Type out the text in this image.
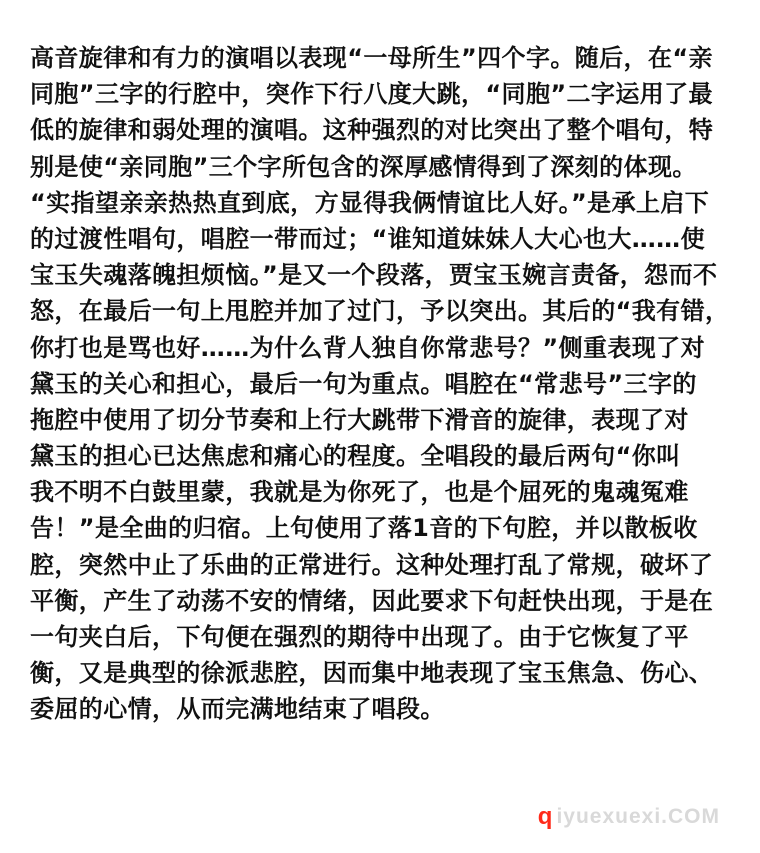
高音旋律和有力的演唱以表现“一母所生”四个字。随后，在“亲
同胞”三字的行腔中，突作下行八度大跳，“同胞”二字运用了最
低的旋律和弱处理的演唱。这种强烈的对比突出了整个唱句，特
别是使“亲同胞”三个字所包含的深厚感情得到了深刻的体现。
“实指望亲亲热热直到底，方显得我俩情谊比人好。”是承上启下
的过渡性唱句，唱腔一带而过；“谁知道妹妹人大心也大……使
宝玉失魂落魄担烦恼。”是又一个段落，贾宝玉婉言责备，怨而不
怒，在最后一句上甩腔并加了过门，予以突出。其后的“我有错，
你打也是骂也好……为什么背人独自你常悲号？”侧重表现了对
黛玉的关心和担心，最后一句为重点。唱腔在“常悲号”三字的
拖腔中使用了切分节奏和上行大跳带下滑音的旋律，表现了对
黛玉的担心已达焦虑和痛心的程度。全唱段的最后两句“你叫
我不明不白鼓里蒙，我就是为你死了，也是个屈死的鬼魂冤难
告！”是全曲的归宿。上句使用了落1音的下句腔，并以散板收
腔，突然中止了乐曲的正常进行。这种处理打乱了常规，破坏了
平衡，产生了动荡不安的情绪，因此要求下句赶快出现，于是在
一句夹白后，下句便在强烈的期待中出现了。由于它恢复了平
衡，又是典型的徐派悲腔，因而集中地表现了宝玉焦急、伤心、
委屈的心情，从而完满地结束了唱段。
q iyuexuexi.COM
